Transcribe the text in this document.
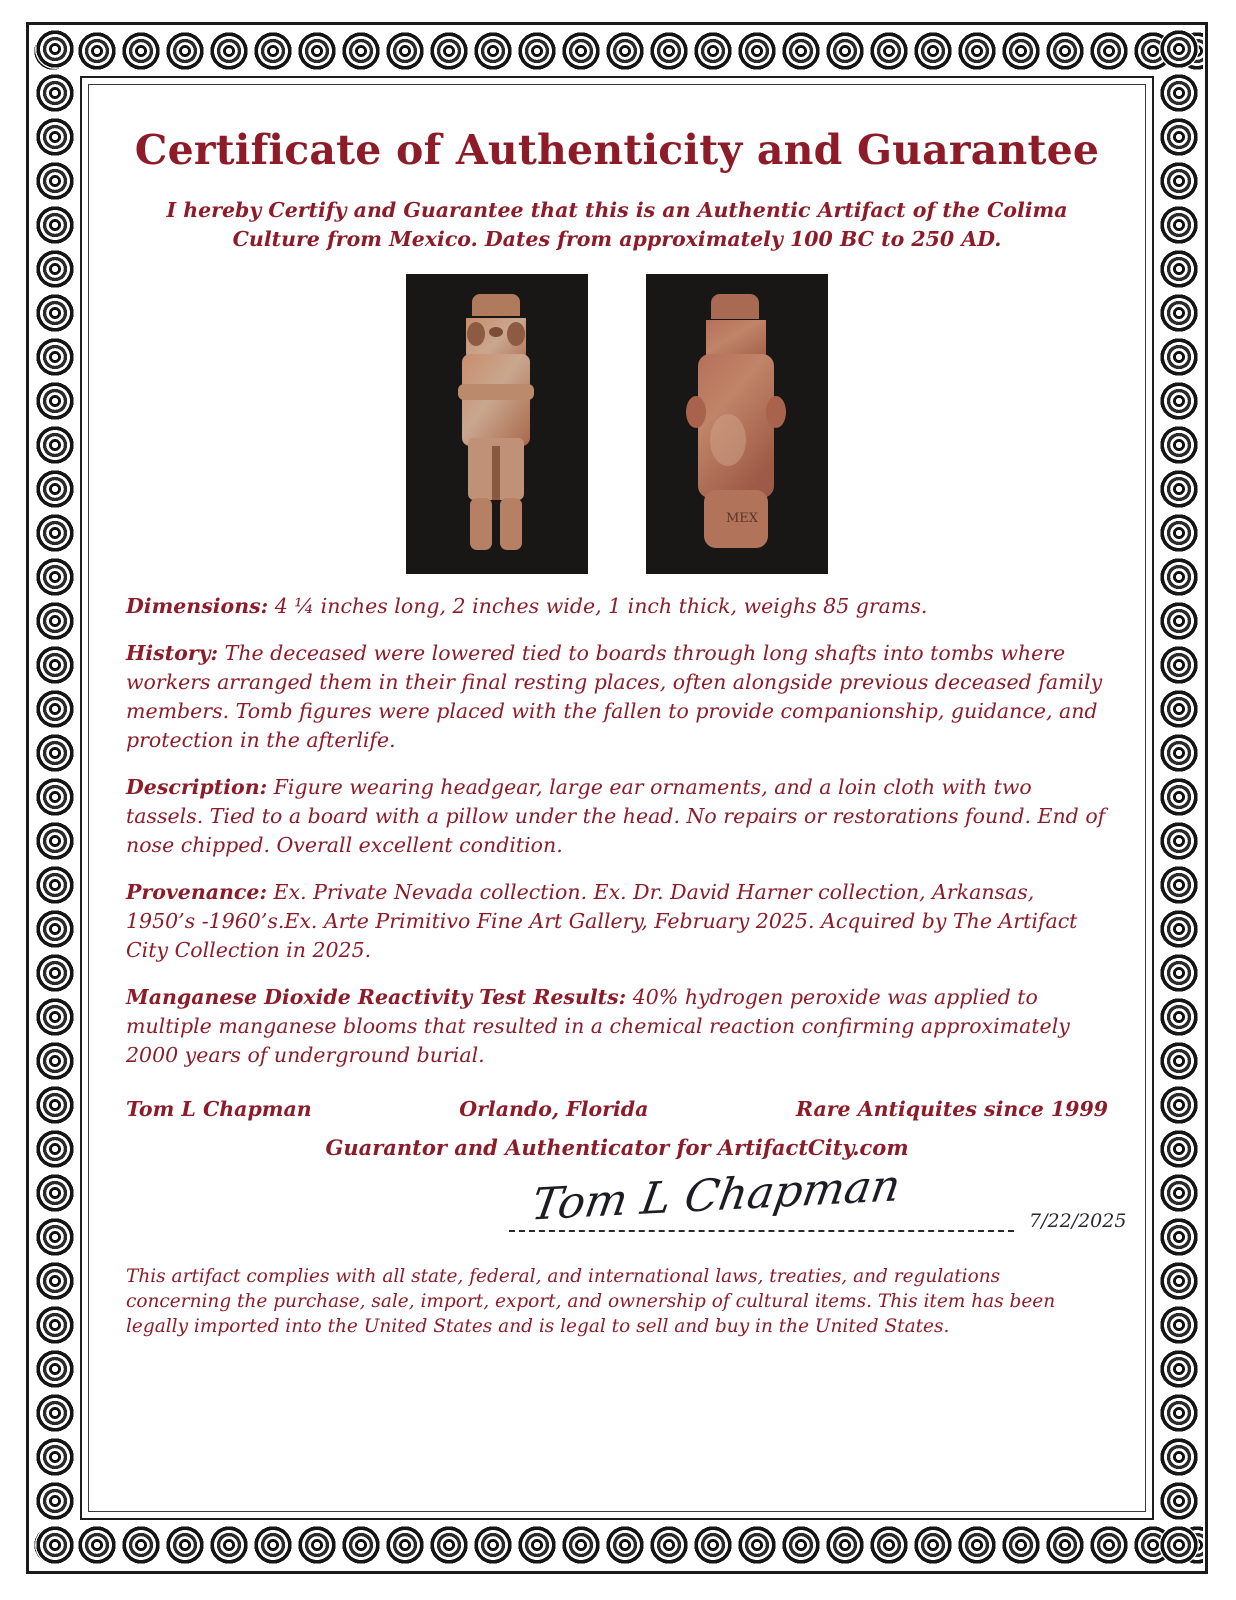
Certificate of Authenticity and Guarantee
I hereby Certify and Guarantee that this is an Authentic Artifact of the Colima Culture from Mexico. Dates from approximately 100 BC to 250 AD.
MEX

Dimensions: 4 ¼ inches long, 2 inches wide, 1 inch thick, weighs 85 grams.

History: The deceased were lowered tied to boards through long shafts into tombs where workers arranged them in their final resting places, often alongside previous deceased family members. Tomb figures were placed with the fallen to provide companionship, guidance, and protection in the afterlife.

Description: Figure wearing headgear, large ear ornaments, and a loin cloth with two tassels. Tied to a board with a pillow under the head. No repairs or restorations found. End of nose chipped. Overall excellent condition.

Provenance: Ex. Private Nevada collection. Ex. Dr. David Harner collection, Arkansas, 1950’s -1960’s.Ex. Arte Primitivo Fine Art Gallery, February 2025. Acquired by The Artifact City Collection in 2025.

Manganese Dioxide Reactivity Test Results: 40% hydrogen peroxide was applied to multiple manganese blooms that resulted in a chemical reaction confirming approximately 2000 years of underground burial.

Tom L Chapman	Orlando, Florida	Rare Antiquites since 1999
Guarantor and Authenticator for ArtifactCity.com
Tom L Chapman	7/22/2025
This artifact complies with all state, federal, and international laws, treaties, and regulations concerning the purchase, sale, import, export, and ownership of cultural items. This item has been legally imported into the United States and is legal to sell and buy in the United States.
